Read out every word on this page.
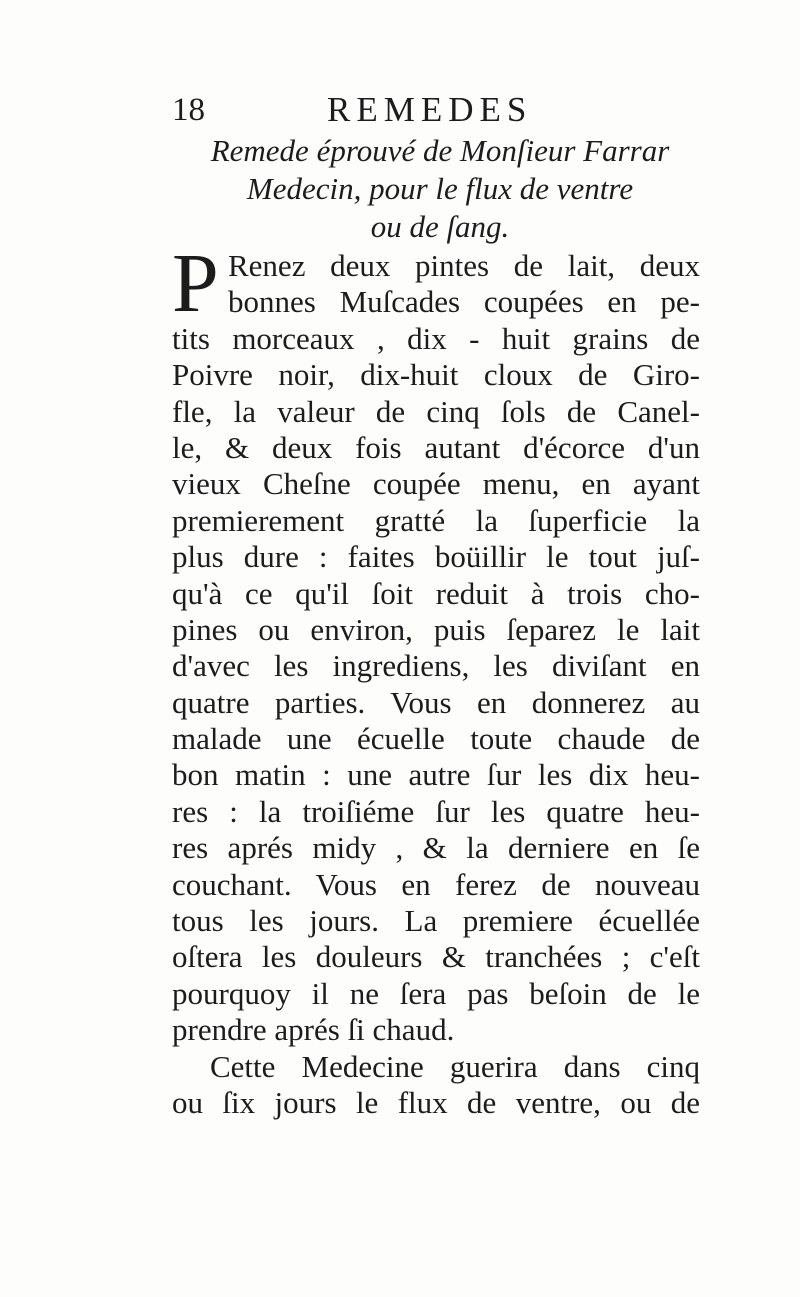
18	REMEDES
Remede éprouvé de Monſieur Farrar
Medecin, pour le flux de ventre
ou de ſang.
P Renez deux pintes de lait, deux
bonnes Muſcades coupées en pe-
tits morceaux , dix - huit grains de
Poivre noir, dix-huit cloux de Giro-
fle, la valeur de cinq ſols de Canel-
le, & deux fois autant d'écorce d'un
vieux Cheſne coupée menu, en ayant
premierement gratté la ſuperficie la
plus dure : faites boüillir le tout juſ-
qu'à ce qu'il ſoit reduit à trois cho-
pines ou environ, puis ſeparez le lait
d'avec les ingrediens, les diviſant en
quatre parties. Vous en donnerez au
malade une écuelle toute chaude de
bon matin : une autre ſur les dix heu-
res : la troiſiéme ſur les quatre heu-
res aprés midy , & la derniere en ſe
couchant. Vous en ferez de nouveau
tous les jours. La premiere écuellée
oſtera les douleurs & tranchées ; c'eſt
pourquoy il ne ſera pas beſoin de le
prendre aprés ſi chaud.
Cette Medecine guerira dans cinq
ou ſix jours le flux de ventre, ou de
